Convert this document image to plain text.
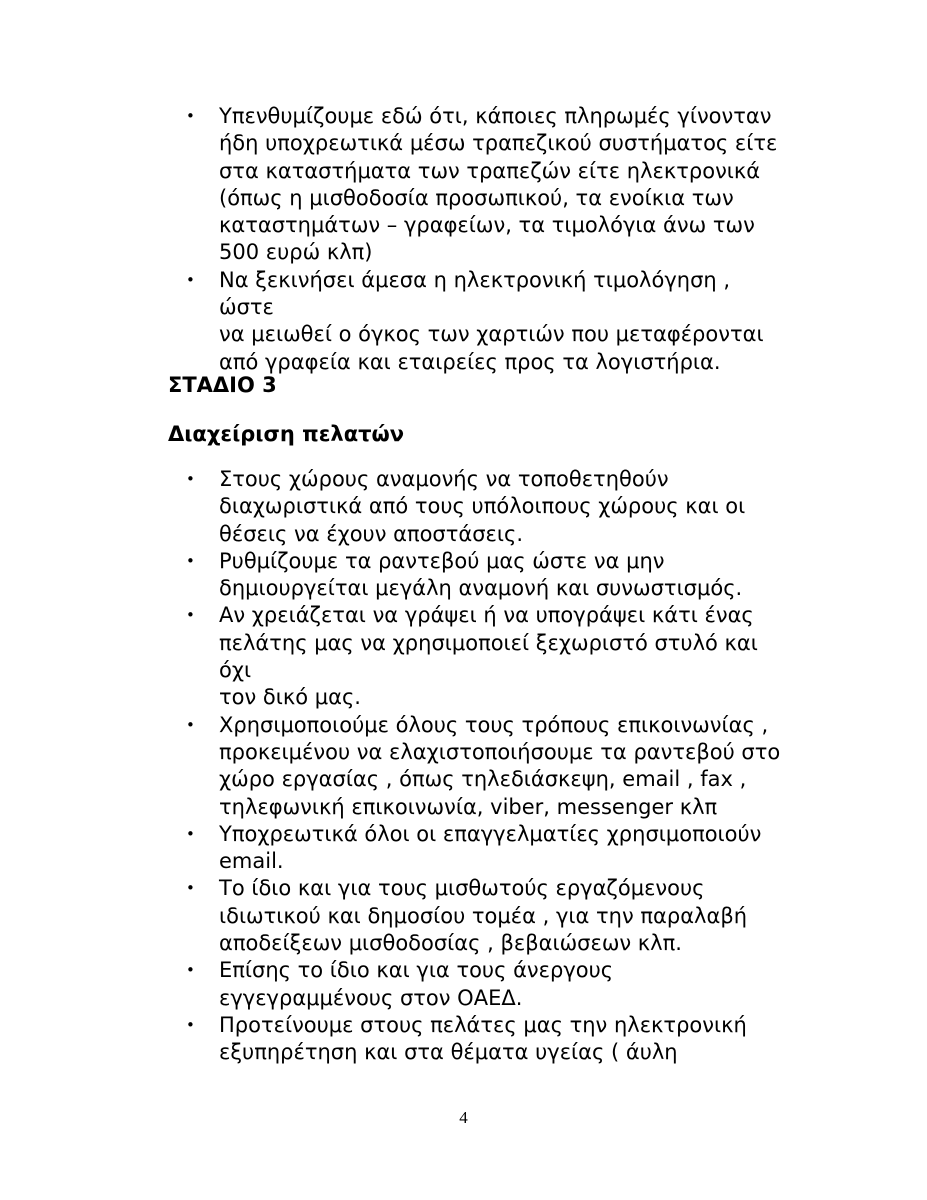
• Υπενθυμίζουμε εδώ ότι, κάποιες πληρωμές γίνονταν
ήδη υποχρεωτικά μέσω τραπεζικού συστήματος είτε
στα καταστήματα των τραπεζών είτε ηλεκτρονικά
(όπως η μισθοδοσία προσωπικού, τα ενοίκια των
καταστημάτων – γραφείων, τα τιμολόγια άνω των
500 ευρώ κλπ)
• Να ξεκινήσει άμεσα η ηλεκτρονική τιμολόγηση , ώστε
να μειωθεί ο όγκος των χαρτιών που μεταφέρονται
από γραφεία και εταιρείες προς τα λογιστήρια.
ΣΤΑΔΙΟ 3
Διαχείριση πελατών
• Στους χώρους αναμονής να τοποθετηθούν
διαχωριστικά από τους υπόλοιπους χώρους και οι
θέσεις να έχουν αποστάσεις.
• Ρυθμίζουμε τα ραντεβού μας ώστε να μην
δημιουργείται μεγάλη αναμονή και συνωστισμός.
• Αν χρειάζεται να γράψει ή να υπογράψει κάτι ένας
πελάτης μας να χρησιμοποιεί ξεχωριστό στυλό και όχι
τον δικό μας.
• Χρησιμοποιούμε όλους τους τρόπους επικοινωνίας ,
προκειμένου να ελαχιστοποιήσουμε τα ραντεβού στο
χώρο εργασίας , όπως τηλεδιάσκεψη, email , fax ,
τηλεφωνική επικοινωνία, viber, messenger κλπ
• Υποχρεωτικά όλοι οι επαγγελματίες χρησιμοποιούν
email.
• Το ίδιο και για τους μισθωτούς εργαζόμενους
ιδιωτικού και δημοσίου τομέα , για την παραλαβή
αποδείξεων μισθοδοσίας , βεβαιώσεων κλπ.
• Επίσης το ίδιο και για τους άνεργους
εγγεγραμμένους στον ΟΑΕΔ.
• Προτείνουμε στους πελάτες μας την ηλεκτρονική
εξυπηρέτηση και στα θέματα υγείας ( άυλη
4
